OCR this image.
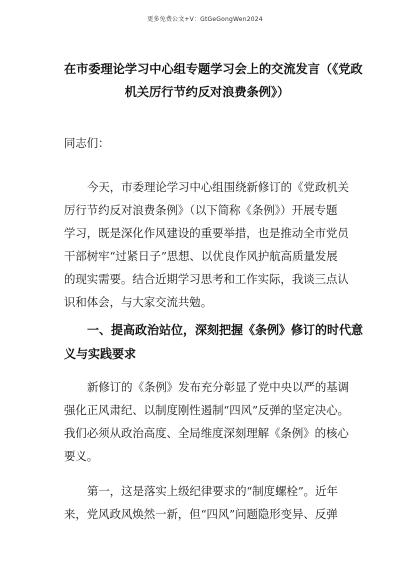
更多免费公文+V：GtGeGongWen2024
在市委理论学习中心组专题学习会上的交流发言（《党政
机关厉行节约反对浪费条例》）
同志们：
今天，市委理论学习中心组围绕新修订的《党政机关
厉行节约反对浪费条例》（以下简称《条例》）开展专题
学习，既是深化作风建设的重要举措，也是推动全市党员
干部树牢“过紧日子”思想、以优良作风护航高质量发展
的现实需要。结合近期学习思考和工作实际，我谈三点认
识和体会，与大家交流共勉。
一、提高政治站位，深刻把握《条例》修订的时代意
义与实践要求
新修订的《条例》发布充分彰显了党中央以严的基调
强化正风肃纪、以制度刚性遏制“四风”反弹的坚定决心。
我们必须从政治高度、全局维度深刻理解《条例》的核心
要义。
第一，这是落实上级纪律要求的“制度螺栓”。近年
来，党风政风焕然一新，但“四风”问题隐形变异、反弹
